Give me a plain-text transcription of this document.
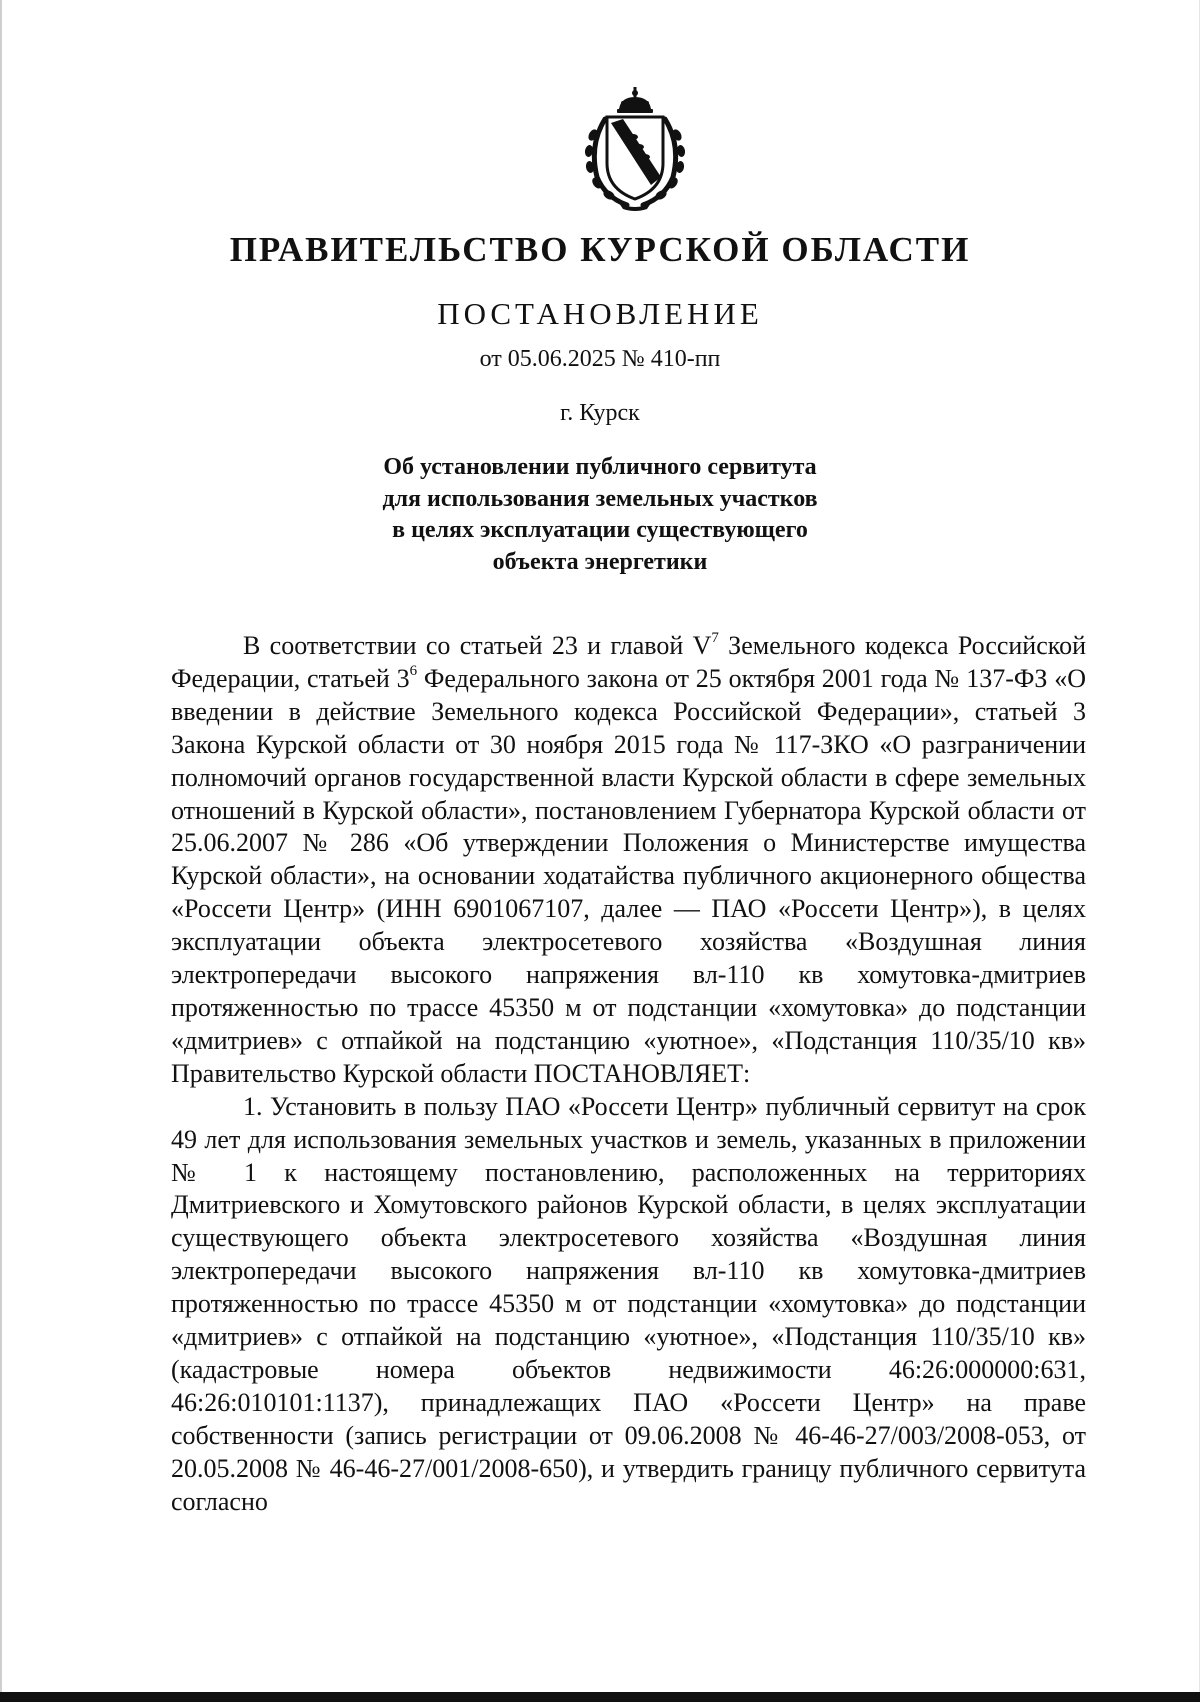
ПРАВИТЕЛЬСТВО КУРСКОЙ ОБЛАСТИ
ПОСТАНОВЛЕНИЕ
от 05.06.2025 № 410-пп
г. Курск
Об установлении публичного сервитута
для использования земельных участков
в целях эксплуатации существующего
объекта энергетики

В соответствии со статьей 23 и главой $V^7$ Земельного кодекса Российской Федерации, статьей $3^6$ Федерального закона от 25 октября 2001 года № 137-ФЗ «О введении в действие Земельного кодекса Российской Федерации», статьей 3 Закона Курской области от 30 ноября 2015 года № 117-ЗКО «О разграничении полномочий органов государственной власти Курской области в сфере земельных отношений в Курской области», постановлением Губернатора Курской области от 25.06.2007 № 286 «Об утверждении Положения о Министерстве имущества Курской области», на основании ходатайства публичного акционерного общества «Россети Центр» (ИНН 6901067107, далее — ПАО «Россети Центр»), в целях эксплуатации объекта электросетевого хозяйства «Воздушная линия электропередачи высокого напряжения вл-110 кв хомутовка-дмитриев протяженностью по трассе 45350 м от подстанции «хомутовка» до подстанции «дмитриев» с отпайкой на подстанцию «уютное», «Подстанция 110/35/10 кв» Правительство Курской области ПОСТАНОВЛЯЕТ:

1. Установить в пользу ПАО «Россети Центр» публичный сервитут на срок 49 лет для использования земельных участков и земель, указанных в приложении № 1 к настоящему постановлению, расположенных на территориях Дмитриевского и Хомутовского районов Курской области, в целях эксплуатации существующего объекта электросетевого хозяйства «Воздушная линия электропередачи высокого напряжения вл-110 кв хомутовка-дмитриев протяженностью по трассе 45350 м от подстанции «хомутовка» до подстанции «дмитриев» с отпайкой на подстанцию «уютное», «Подстанция 110/35/10 кв» (кадастровые номера объектов недвижимости 46:26:000000:631, 46:26:010101:1137), принадлежащих ПАО «Россети Центр» на праве собственности (запись регистрации от 09.06.2008 № 46-46-27/003/2008-053, от 20.05.2008 № 46-46-27/001/2008-650), и утвердить границу публичного сервитута согласно
